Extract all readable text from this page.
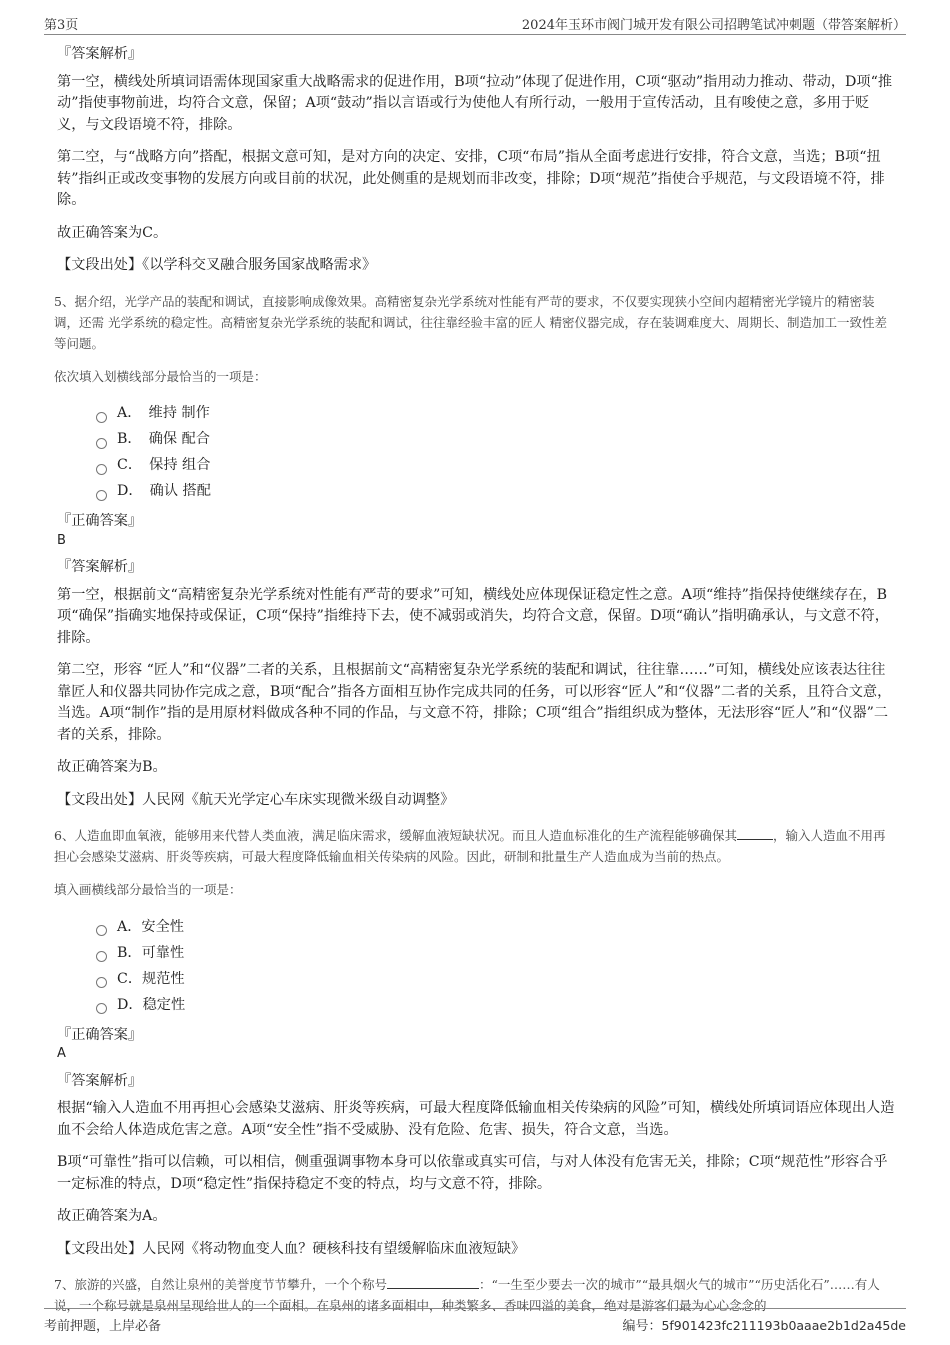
第3页	2024年玉环市阀门城开发有限公司招聘笔试冲刺题（带答案解析）
『答案解析』

第一空，横线处所填词语需体现国家重大战略需求的促进作用，B项“拉动”体现了促进作用，C项“驱动”指用动力推动、带动，D项“推动”指使事物前进，均符合文意，保留；A项“鼓动”指以言语或行为使他人有所行动，一般用于宣传活动，且有唆使之意，多用于贬义，与文段语境不符，排除。

第二空，与“战略方向”搭配，根据文意可知，是对方向的决定、安排，C项“布局”指从全面考虑进行安排，符合文意，当选；B项“扭转”指纠正或改变事物的发展方向或目前的状况，此处侧重的是规划而非改变，排除；D项“规范”指使合乎规范，与文段语境不符，排除。

故正确答案为C。

【文段出处】《以学科交叉融合服务国家战略需求》

5、据介绍，光学产品的装配和调试，直接影响成像效果。高精密复杂光学系统对性能有严苛的要求，不仅要实现狭小空间内超精密光学镜片的精密装调，还需 光学系统的稳定性。高精密复杂光学系统的装配和调试，往往靠经验丰富的匠人 精密仪器完成，存在装调难度大、周期长、制造加工一致性差等问题。

依次填入划横线部分最恰当的一项是：

A．　维持 制作
B．　确保 配合
C．　保持 组合
D．　确认 搭配
『正确答案』
B
『答案解析』

第一空，根据前文“高精密复杂光学系统对性能有严苛的要求”可知，横线处应体现保证稳定性之意。A项“维持”指保持使继续存在，B项“确保”指确实地保持或保证，C项“保持”指维持下去，使不减弱或消失，均符合文意，保留。D项“确认”指明确承认，与文意不符，排除。

第二空，形容 “匠人”和“仪器”二者的关系，且根据前文“高精密复杂光学系统的装配和调试，往往靠……”可知，横线处应该表达往往靠匠人和仪器共同协作完成之意，B项“配合”指各方面相互协作完成共同的任务，可以形容“匠人”和“仪器”二者的关系，且符合文意，当选。A项“制作”指的是用原材料做成各种不同的作品，与文意不符，排除；C项“组合”指组织成为整体，无法形容“匠人”和“仪器”二者的关系，排除。

故正确答案为B。

【文段出处】人民网《航天光学定心车床实现微米级自动调整》

6、人造血即血氧液，能够用来代替人类血液，满足临床需求，缓解血液短缺状况。而且人造血标准化的生产流程能够确保其	，输入人造血不用再担心会感染艾滋病、肝炎等疾病，可最大程度降低输血相关传染病的风险。因此，研制和批量生产人造血成为当前的热点。

填入画横线部分最恰当的一项是：

A．安全性
B．可靠性
C．规范性
D．稳定性
『正确答案』
A
『答案解析』

根据“输入人造血不用再担心会感染艾滋病、肝炎等疾病，可最大程度降低输血相关传染病的风险”可知，横线处所填词语应体现出人造血不会给人体造成危害之意。A项“安全性”指不受威胁、没有危险、危害、损失，符合文意，当选。

B项“可靠性”指可以信赖，可以相信，侧重强调事物本身可以依靠或真实可信，与对人体没有危害无关，排除；C项“规范性”形容合乎一定标准的特点，D项“稳定性”指保持稳定不变的特点，均与文意不符，排除。

故正确答案为A。

【文段出处】人民网《将动物血变人血？硬核科技有望缓解临床血液短缺》

7、旅游的兴盛，自然让泉州的美誉度节节攀升，一个个称号	：“一生至少要去一次的城市”“最具烟火气的城市”“历史活化石”……有人说，一个称号就是泉州呈现给世人的一个面相。在泉州的诸多面相中，种类繁多、香味四溢的美食，绝对是游客们最为心心念念的

考前押题，上岸必备	编号：5f901423fc211193b0aaae2b1d2a45de
